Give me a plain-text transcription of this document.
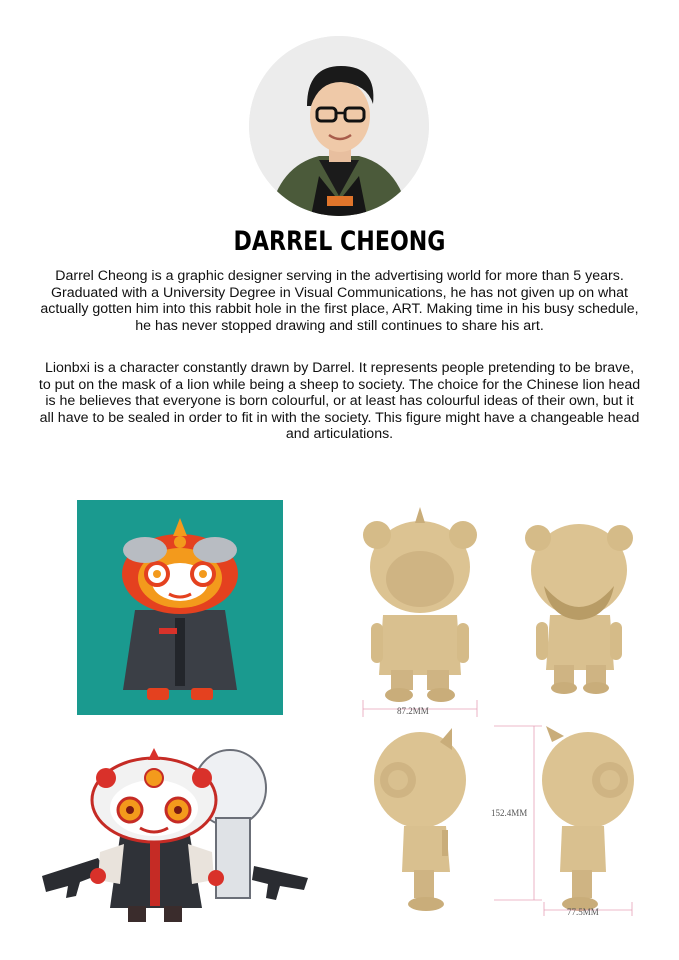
DARREL CHEONG
Darrel Cheong is a graphic designer serving in the advertising world for more than 5 years. Graduated with a University Degree in Visual Communications, he has not given up on what actually gotten him into this rabbit hole in the first place, ART. Making time in his busy schedule, he has never stopped drawing and still continues to share his art.
Lionbxi is a character constantly drawn by Darrel. It represents people pretending to be brave, to put on the mask of a lion while being a sheep to society. The choice for the Chinese lion head is he believes that everyone is born colourful, or at least has colourful ideas of their own, but it all have to be sealed in order to fit in with the society. This figure might have a changeable head and articulations.
87.2MM
152.4MM
77.5MM
